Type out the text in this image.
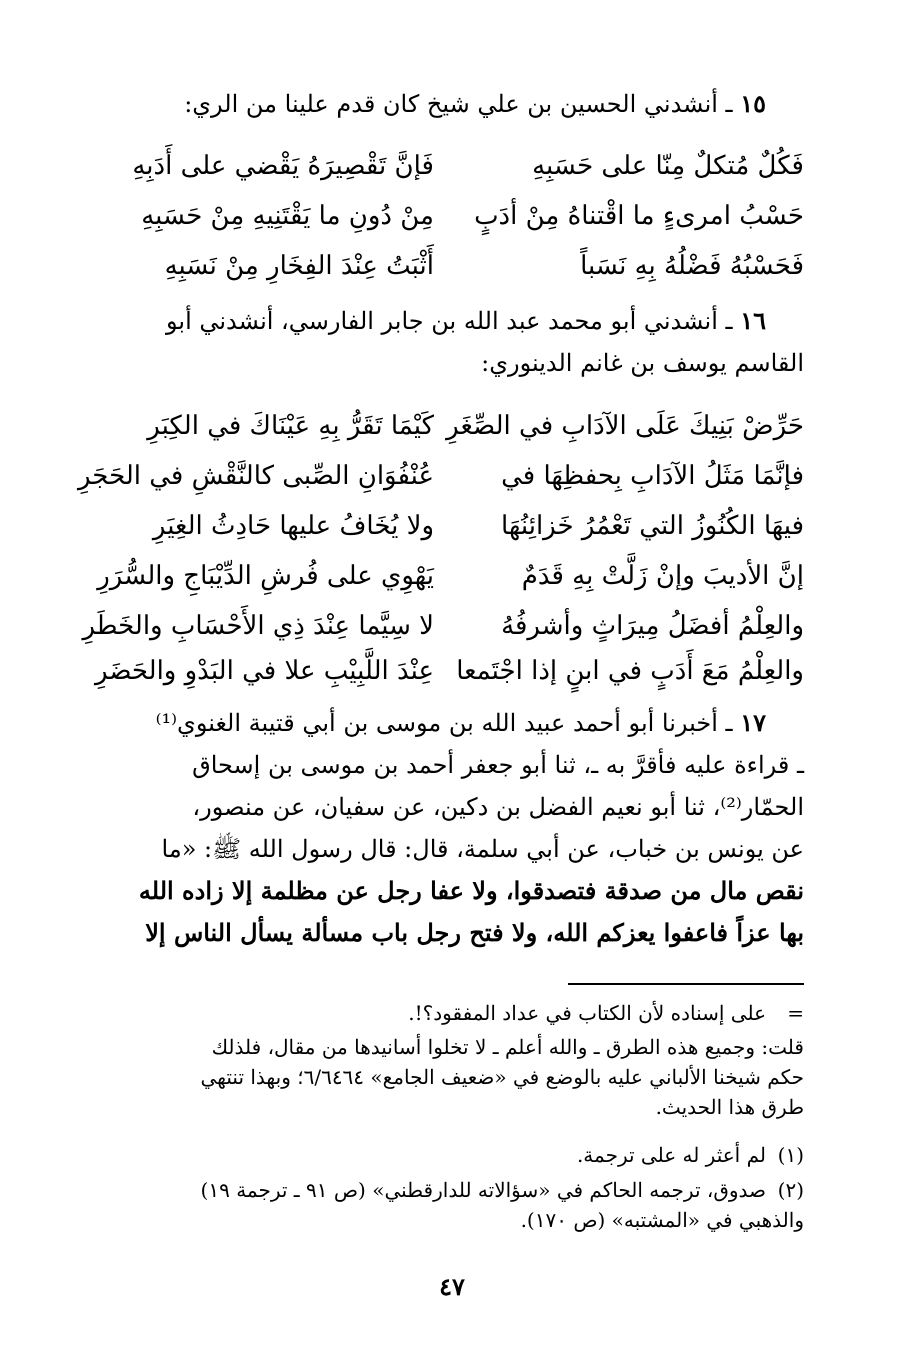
١٥ ـ أنشدني الحسين بن علي شيخ كان قدم علينا من الري:
فَكُلٌ مُتكلٌ مِنّا على حَسَبِهِ
فَإنَّ تَقْصِيرَهُ يَقْضي على أَدَبِهِ
حَسْبُ امرىءٍ ما اقْتناهُ مِنْ أدَبٍ
مِنْ دُونِ ما يَقْتَنِيهِ مِنْ حَسَبِهِ
فَحَسْبُهُ فَضْلُهُ بِهِ نَسَباً
أَثْبَتُ عِنْدَ الفِخَارِ مِنْ نَسَبِهِ
١٦ ـ أنشدني أبو محمد عبد الله بن جابر الفارسي، أنشدني أبو
القاسم يوسف بن غانم الدينوري:
حَرِّضْ بَنِيكَ عَلَى الآدَابِ في الصِّغَرِ
كَيْمَا تَقَرُّ بِهِ عَيْنَاكَ في الكِبَرِ
فإنَّمَا مَثَلُ الآدَابِ بِحفظِهَا في
عُنْفُوَانِ الصِّبى كالنَّقْشِ في الحَجَرِ
فيهَا الكُنُوزُ التي تَعْمُرُ خَزائِنُهَا
ولا يُخَافُ عليها حَادِثُ الغِيَرِ
إنَّ الأديبَ وإنْ زَلَّتْ بِهِ قَدَمٌ
يَهْوِي على فُرشِ الدِّيْبَاجِ والسُّرَرِ
والعِلْمُ أفضَلُ مِيرَاثٍ وأشرفُهُ
لا سِيَّما عِنْدَ ذِي الأَحْسَابِ والخَطَرِ
والعِلْمُ مَعَ أَدَبٍ في ابنٍ إذا اجْتَمعا
عِنْدَ اللَّبِيْبِ علا في البَدْوِ والحَضَرِ
١٧ ـ أخبرنا أبو أحمد عبيد الله بن موسى بن أبي قتيبة الغنوي⁽¹⁾
ـ قراءة عليه فأقرَّ به ـ، ثنا أبو جعفر أحمد بن موسى بن إسحاق
الحمّار⁽²⁾، ثنا أبو نعيم الفضل بن دكين، عن سفيان، عن منصور،
عن يونس بن خباب، عن أبي سلمة، قال: قال رسول الله ﷺ: «ما
نقص مال من صدقة فتصدقوا، ولا عفا رجل عن مظلمة إلا زاده الله
بها عزاً فاعفوا يعزكم الله، ولا فتح رجل باب مسألة يسأل الناس إلا
=
على إسناده لأن الكتاب في عداد المفقود؟!.
قلت: وجميع هذه الطرق ـ والله أعلم ـ لا تخلوا أسانيدها من مقال، فلذلك
حكم شيخنا الألباني عليه بالوضع في «ضعيف الجامع» ٦/٦٤٦٤؛ وبهذا تنتهي
طرق هذا الحديث.
(١)
لم أعثر له على ترجمة.
(٢)
صدوق، ترجمه الحاكم في «سؤالاته للدارقطني» (ص ٩١ ـ ترجمة ١٩)
والذهبي في «المشتبه» (ص ١٧٠).
٤٧
